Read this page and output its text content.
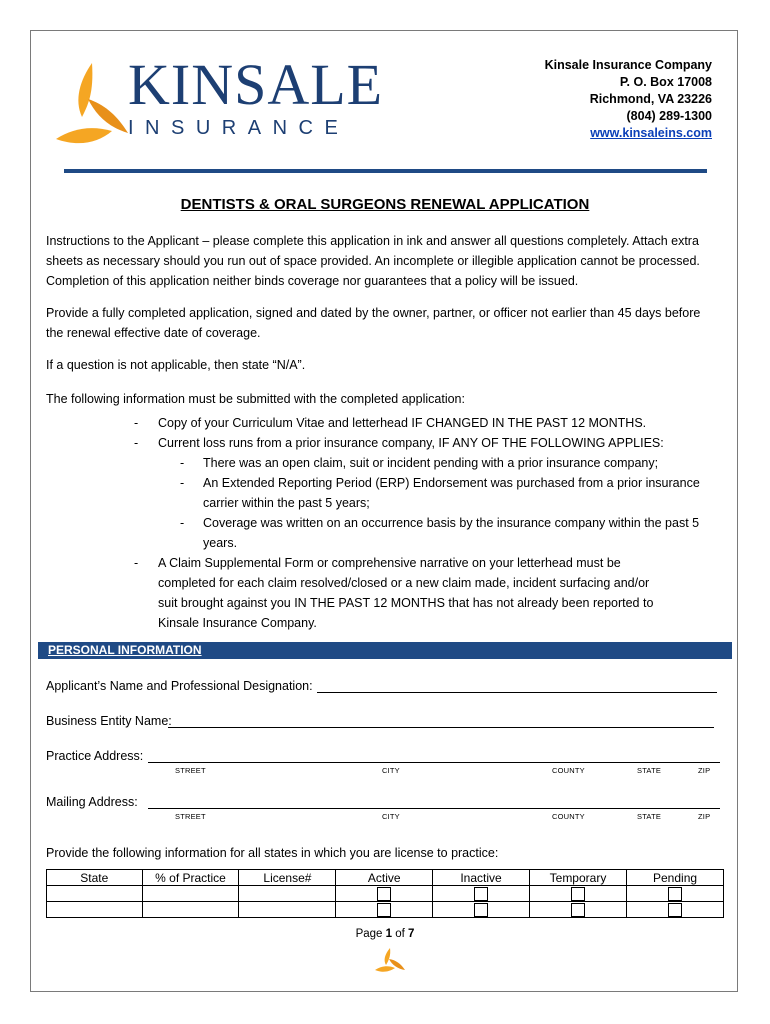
KINSALE
INSURANCE
Kinsale Insurance Company
P. O. Box 17008
Richmond, VA 23226
(804) 289-1300
www.kinsaleins.com
DENTISTS & ORAL SURGEONS RENEWAL APPLICATION
Instructions to the Applicant – please complete this application in ink and answer all questions completely. Attach extra
sheets as necessary should you run out of space provided. An incomplete or illegible application cannot be processed.
Completion of this application neither binds coverage nor guarantees that a policy will be issued.
Provide a fully completed application, signed and dated by the owner, partner, or officer not earlier than 45 days before
the renewal effective date of coverage.
If a question is not applicable, then state “N/A”.
The following information must be submitted with the completed application:
- Copy of your Curriculum Vitae and letterhead IF CHANGED IN THE PAST 12 MONTHS.
- Current loss runs from a prior insurance company, IF ANY OF THE FOLLOWING APPLIES:
- There was an open claim, suit or incident pending with a prior insurance company;
- An Extended Reporting Period (ERP) Endorsement was purchased from a prior insurance
carrier within the past 5 years;
- Coverage was written on an occurrence basis by the insurance company within the past 5
years.
- A Claim Supplemental Form or comprehensive narrative on your letterhead must be
completed for each claim resolved/closed or a new claim made, incident surfacing and/or
suit brought against you IN THE PAST 12 MONTHS that has not already been reported to
Kinsale Insurance Company.
PERSONAL INFORMATION
Applicant’s Name and Professional Designation:
Business Entity Name:
Practice Address:
STREET	CITY	COUNTY	STATE	ZIP
Mailing Address:
STREET	CITY	COUNTY	STATE	ZIP
Provide the following information for all states in which you are license to practice:
State	% of Practice	License#	Active	Inactive	Temporary	Pending

Page 1 of 7
